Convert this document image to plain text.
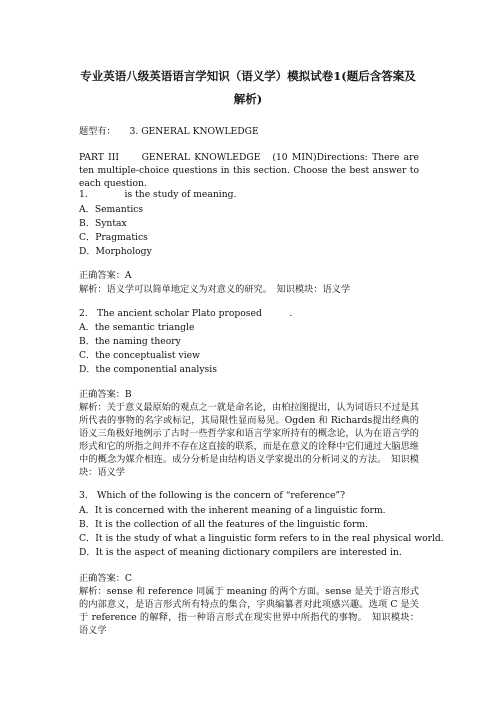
专业英语八级英语语言学知识（语义学）模拟试卷1(题后含答案及
解析)
题型有：　　3. GENERAL KNOWLEDGE
PART III　　GENERAL KNOWLEDGE　(10 MIN)Directions: There are ten multiple-choice questions in this section. Choose the best answer to each question.
1.　　　　is the study of meaning.
A．Semantics
B．Syntax
C．Pragmatics
D．Morphology
正确答案：A
解析：语义学可以简单地定义为对意义的研究。　知识模块：语义学
2.　The ancient scholar Plato proposed　　　.
A．the semantic triangle
B．the naming theory
C．the conceptualist view
D．the componential analysis
正确答案：B
解析：关于意义最原始的观点之一就是命名论，由柏拉图提出，认为词语只不过是其所代表的事物的名字或标记，其局限性显而易见。Ogden 和 Richards提出经典的语义三角极好地例示了古时一些哲学家和语言学家所持有的概念论，认为在语言学的形式和它的所指之间并不存在这直接的联系，而是在意义的诠释中它们通过大脑思维中的概念为媒介相连。成分分析是由结构语义学家提出的分析词义的方法。　知识模块：语义学
3.　Which of the following is the concern of “reference”?
A．It is concerned with the inherent meaning of a linguistic form.
B．It is the collection of all the features of the linguistic form.
C．It is the study of what a linguistic form refers to in the real physical world.
D．It is the aspect of meaning dictionary compilers are interested in.
正确答案：C
解析：sense 和 reference 同属于 meaning 的两个方面。sense 是关于语言形式的内部意义，是语言形式所有特点的集合，字典编纂者对此项感兴趣。选项 C 是关于 reference 的解释，指一种语言形式在现实世界中所指代的事物。　知识模块：语义学
